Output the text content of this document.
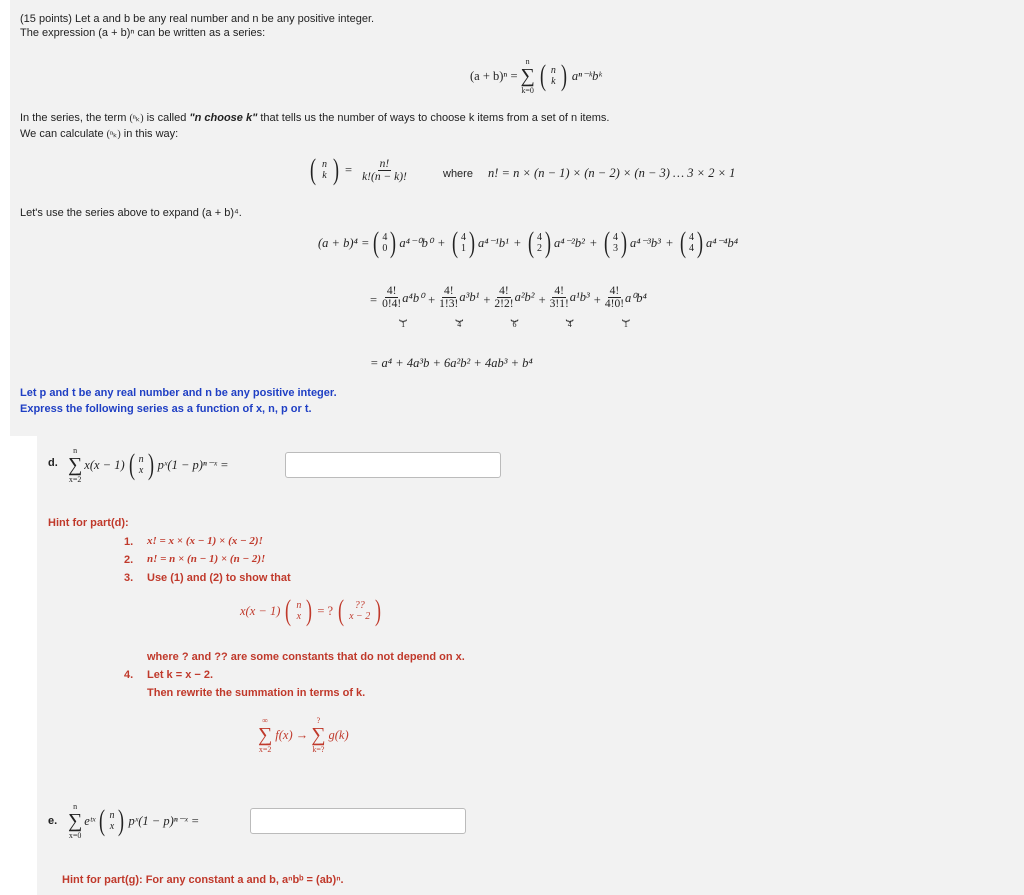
(15 points) Let a and b be any real number and n be any positive integer.
The expression (a + b)ⁿ can be written as a series:
(a + b)ⁿ =
n
∑
k=0 ( n
k ) aⁿ⁻ᵏbᵏ
In the series, the term (ⁿₖ) is called "n choose k" that tells us the number of ways to choose k items from a set of n items.
We can calculate (ⁿₖ) in this way:
( n
k ) = $\frac{n!}{k!(n - k)!}$	where n! = n × (n − 1) × (n − 2) × (n − 3) … 3 × 2 × 1
Let's use the series above to expand (a + b)⁴.
(a + b)⁴ = ( 4
0 ) a⁴⁻⁰b⁰ + ( 4
1 ) a⁴⁻¹b¹ + ( 4
2 ) a⁴⁻²b² + ( 4
3 ) a⁴⁻³b³ + ( 4
4 ) a⁴⁻⁴b⁴
= $\frac{4!}{0!4!} a^4b^0$
⏟
1
+ $\frac{4!}{1!3!} a^3b^1$
⏟
4
+ $\frac{4!}{2!2!} a^2b^2$
⏟
6
+ $\frac{4!}{3!1!} a^1b^3$
⏟
4
+ $\frac{4!}{4!0!} a^0b^4$
⏟
1
= a⁴ + 4a³b + 6a²b² + 4ab³ + b⁴
Let p and t be any real number and n be any positive integer.
Express the following series as a function of x, n, p or t.
d.
n
∑
x=2
x(x − 1) ( n
x ) pˣ(1 − p)ⁿ⁻ˣ =
Hint for part(d):
1. x! = x × (x − 1) × (x − 2)!
2. n! = n × (n − 1) × (n − 2)!
3. Use (1) and (2) to show that
x(x − 1) ( n
x ) = ? ( ??
x − 2 )
where ? and ?? are some constants that do not depend on x.
4. Let k = x − 2.
Then rewrite the summation in terms of k.
∞
∑
x=2
f(x) →
?
∑
k=?
g(k)
e.
n
∑
x=0
eᵗˣ ( n
x ) pˣ(1 − p)ⁿ⁻ˣ =
Hint for part(g): For any constant a and b, aⁿbᵇ = (ab)ⁿ.
